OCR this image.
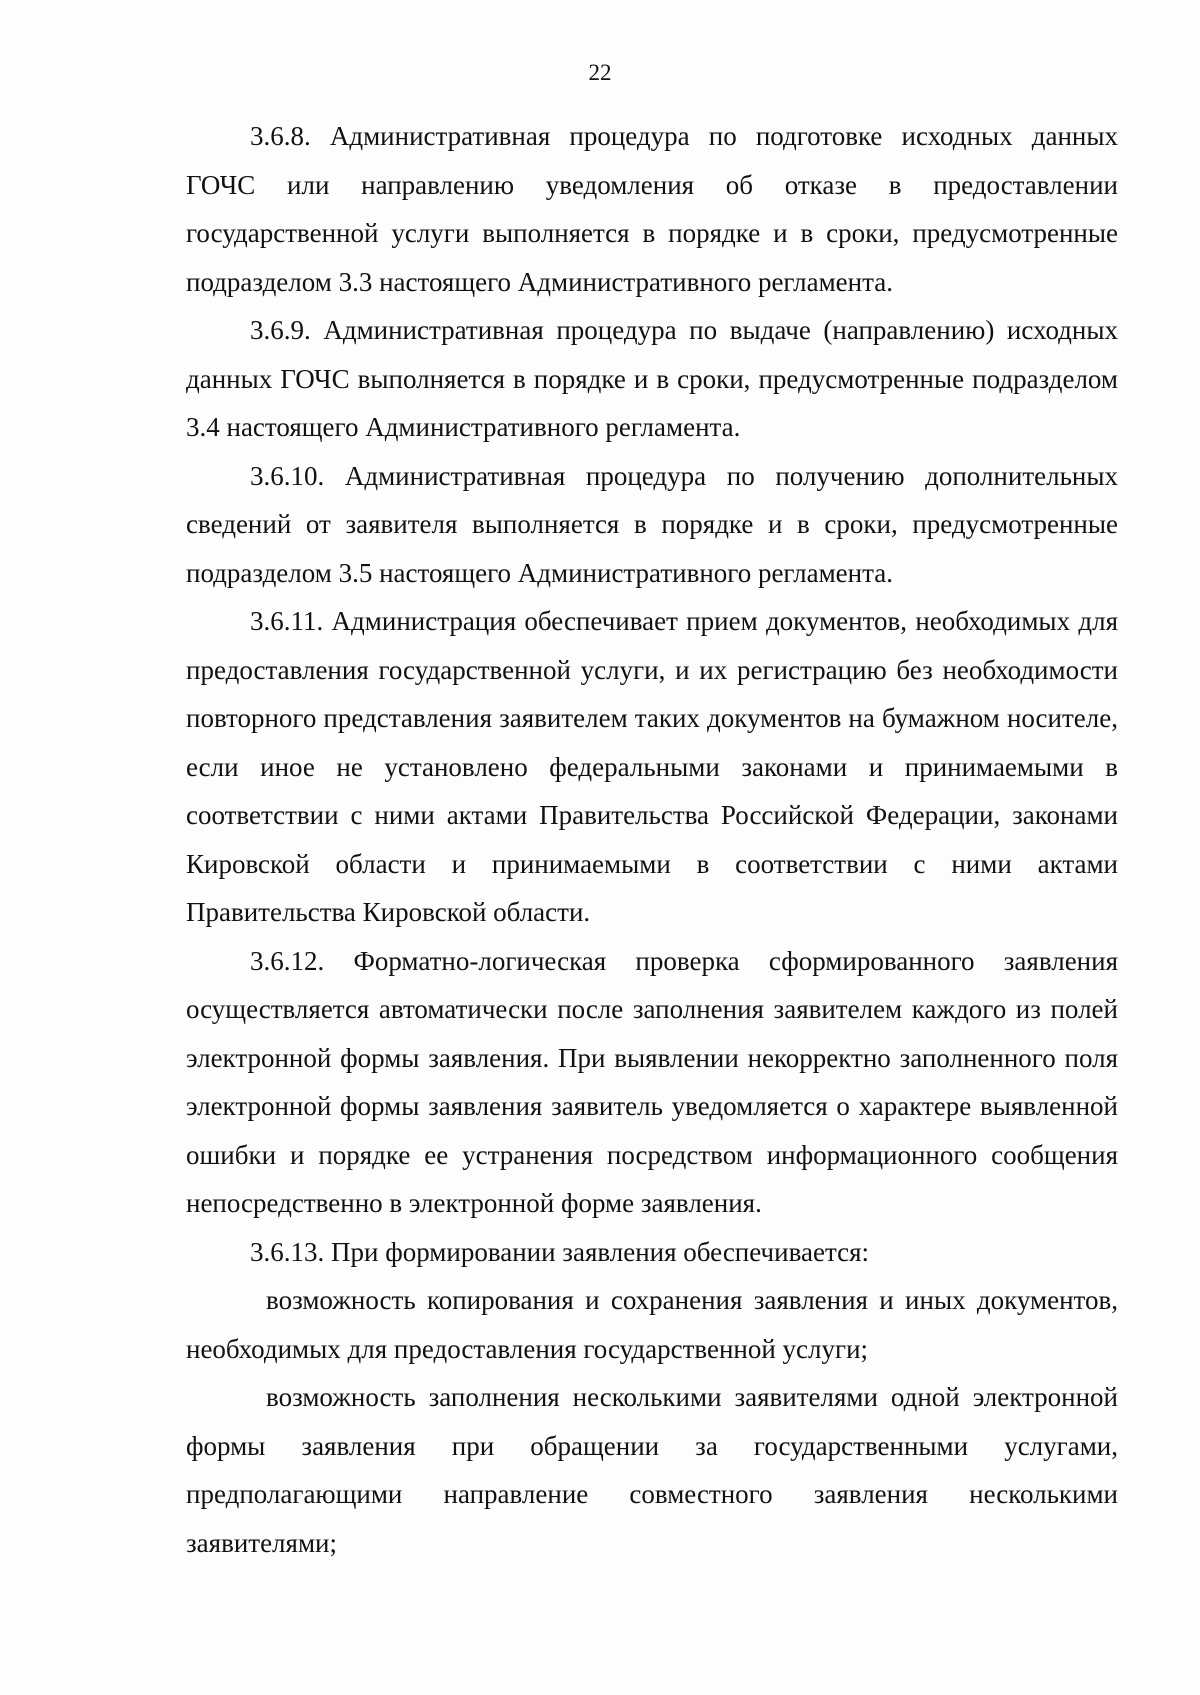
22

3.6.8. Административная процедура по подготовке исходных данных ГОЧС или направлению уведомления об отказе в предоставлении государственной услуги выполняется в порядке и в сроки, предусмотренные подразделом 3.3 настоящего Административного регламента.

3.6.9. Административная процедура по выдаче (направлению) исходных данных ГОЧС выполняется в порядке и в сроки, предусмотренные подразделом 3.4 настоящего Административного регламента.

3.6.10. Административная процедура по получению дополнительных сведений от заявителя выполняется в порядке и в сроки, предусмотренные подразделом 3.5 настоящего Административного регламента.

3.6.11. Администрация обеспечивает прием документов, необходимых для предоставления государственной услуги, и их регистрацию без необходимости повторного представления заявителем таких документов на бумажном носителе, если иное не установлено федеральными законами и принимаемыми в соответствии с ними актами Правительства Российской Федерации, законами Кировской области и принимаемыми в соответствии с ними актами Правительства Кировской области.

3.6.12. Форматно-логическая проверка сформированного заявления осуществляется автоматически после заполнения заявителем каждого из полей электронной формы заявления. При выявлении некорректно заполненного поля электронной формы заявления заявитель уведомляется о характере выявленной ошибки и порядке ее устранения посредством информационного сообщения непосредственно в электронной форме заявления.

3.6.13. При формировании заявления обеспечивается:

возможность копирования и сохранения заявления и иных документов, необходимых для предоставления государственной услуги;

возможность заполнения несколькими заявителями одной электронной формы заявления при обращении за государственными услугами, предполагающими направление совместного заявления несколькими заявителями;
